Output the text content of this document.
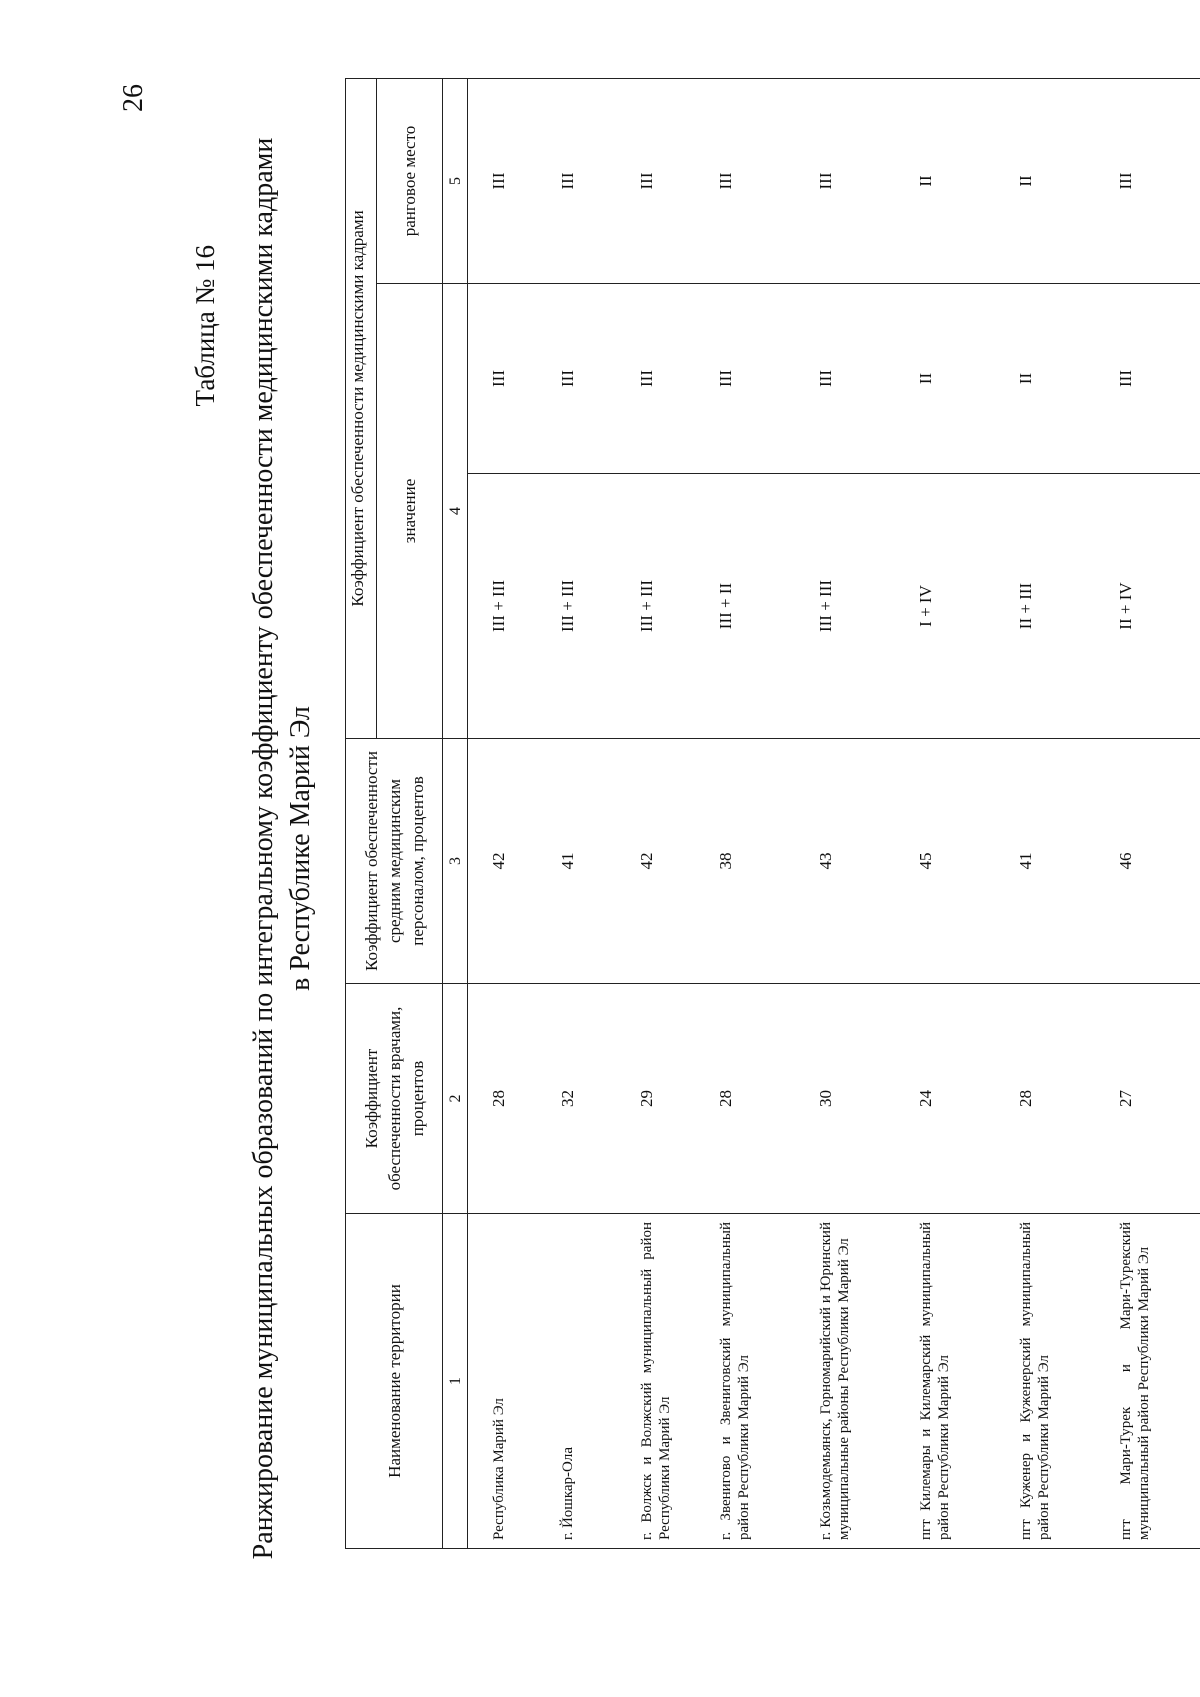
26
Таблица № 16 Ранжирование муниципальных образований по интегральному коэффициенту обеспеченности медицинскими кадрами в Республике Марий Эл
Наименование территории	Коэффициент обеспеченности врачами, процентов	Коэффициент обеспеченности средним медицинским персоналом, процентов	Коэффициент обеспеченности медицинскими кадрами		
			значение		ранговое место
1	2	3	4		5
Республика Марий Эл	28	42	III + III	III	III
г. Йошкар-Ола	32	41	III + III	III	III
г. Волжск и Волжский муниципальный район Республики Марий Эл	29	42	III + III	III	III
г. Звенигово и Звениговский муниципальный район Республики Марий Эл	28	38	III + II	III	III
г. Козьмодемьянск, Горномарийский и Юринский муниципальные районы Республики Марий Эл	30	43	III + III	III	III
пгт Килемары и Килемарский муниципальный район Республики Марий Эл	24	45	I + IV	II	II
пгт Куженер и Куженерский муниципальный район Республики Марий Эл	28	41	II + III	II	II
пгт Мари-Турек и Мари-Турекский муниципальный район Республики Марий Эл	27	46	II + IV	III	III
